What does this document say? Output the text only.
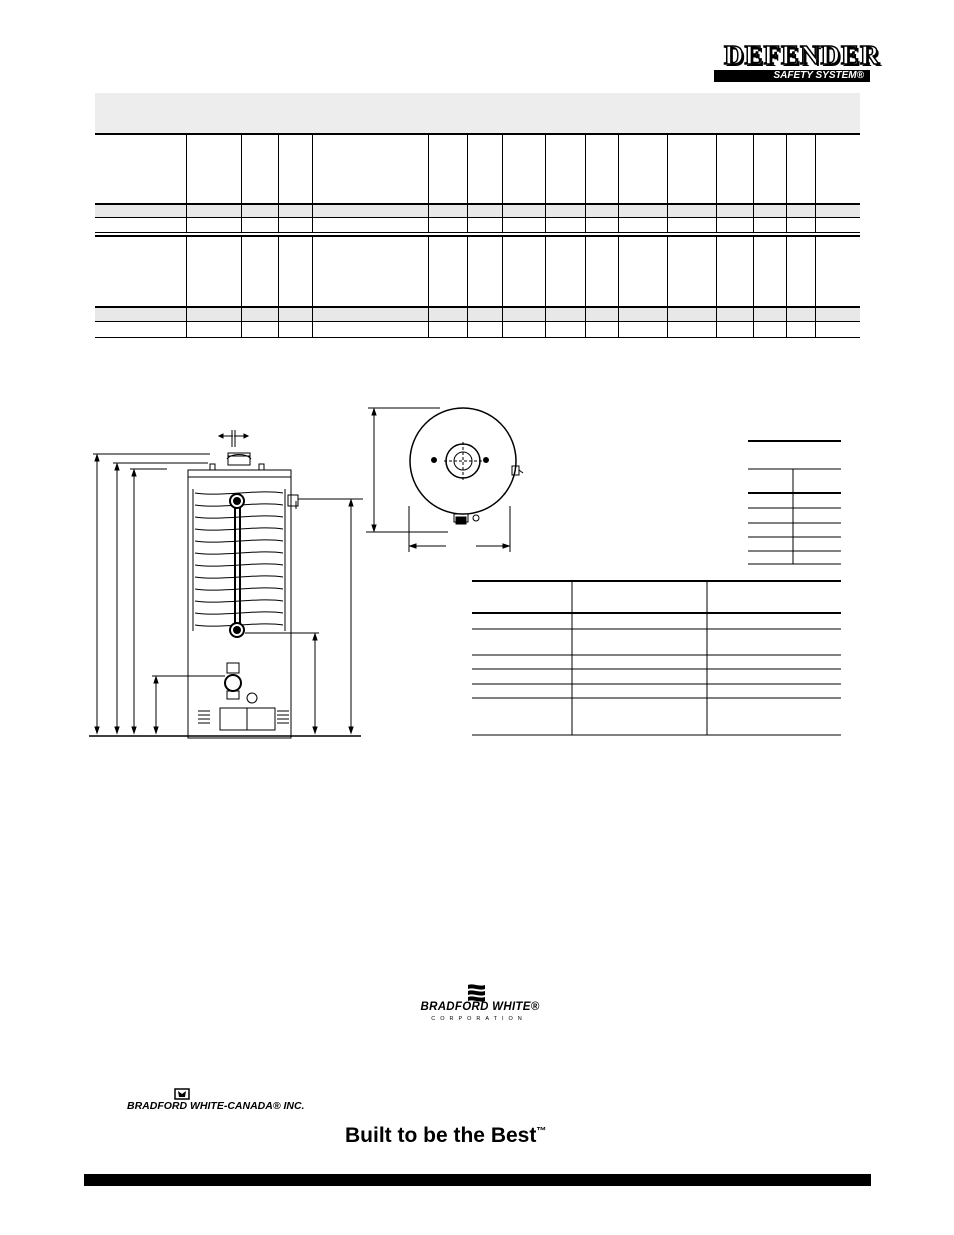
DEFENDER
SAFETY SYSTEM®
BRADFORD WHITE®
CORPORATION
BRADFORD WHITE-CANADA® INC.
Built to be the Best™
